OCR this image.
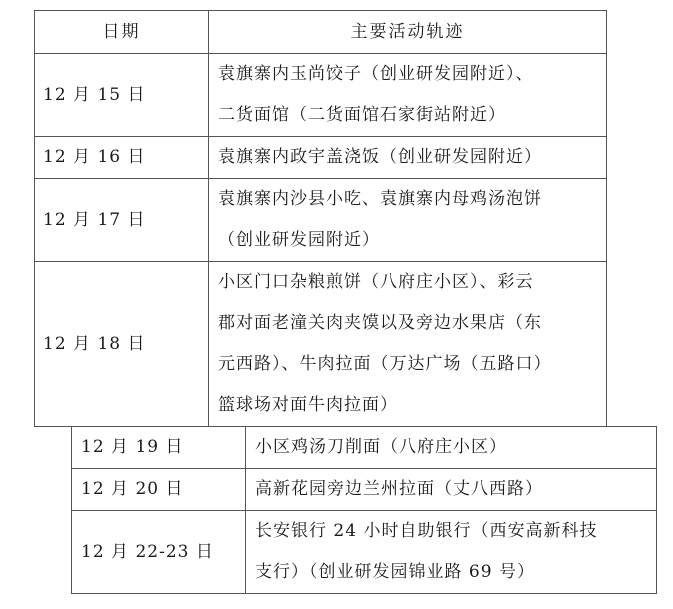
日期	主要活动轨迹
12 月 15 日	袁旗寨内玉尚饺子（创业研发园附近）、
二货面馆（二货面馆石家街站附近）

12 月 16 日	袁旗寨内政宇盖浇饭（创业研发园附近）

12 月 17 日	袁旗寨内沙县小吃、袁旗寨内母鸡汤泡饼
（创业研发园附近）

12 月 18 日	小区门口杂粮煎饼（八府庄小区）、彩云
郡对面老潼关肉夹馍以及旁边水果店（东
元西路）、牛肉拉面（万达广场（五路口）
篮球场对面牛肉拉面）
12 月 19 日	小区鸡汤刀削面（八府庄小区）

12 月 20 日	高新花园旁边兰州拉面（丈八西路）

12 月 22-23 日	长安银行 24 小时自助银行（西安高新科技
支行）（创业研发园锦业路 69 号）
